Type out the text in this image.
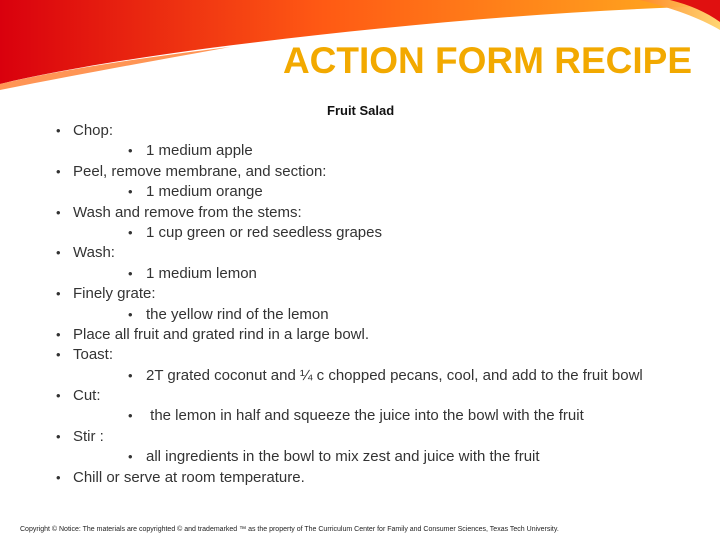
ACTION FORM RECIPE
Fruit Salad
• Chop:
• 1 medium apple
• Peel, remove membrane, and section:
• 1 medium orange
• Wash and remove from the stems:
• 1 cup green or red seedless grapes
• Wash:
• 1 medium lemon
• Finely grate:
• the yellow rind of the lemon
• Place all fruit and grated rind in a large bowl.
• Toast:
• 2T grated coconut and ¼ c chopped pecans, cool, and add to the fruit bowl
• Cut:
• the lemon in half and squeeze the juice into the bowl with the fruit
• Stir :
• all ingredients in the bowl to mix zest and juice with the fruit
• Chill or serve at room temperature.
Copyright © Notice: The materials are copyrighted © and trademarked ™ as the property of The Curriculum Center for Family and Consumer Sciences, Texas Tech University.
